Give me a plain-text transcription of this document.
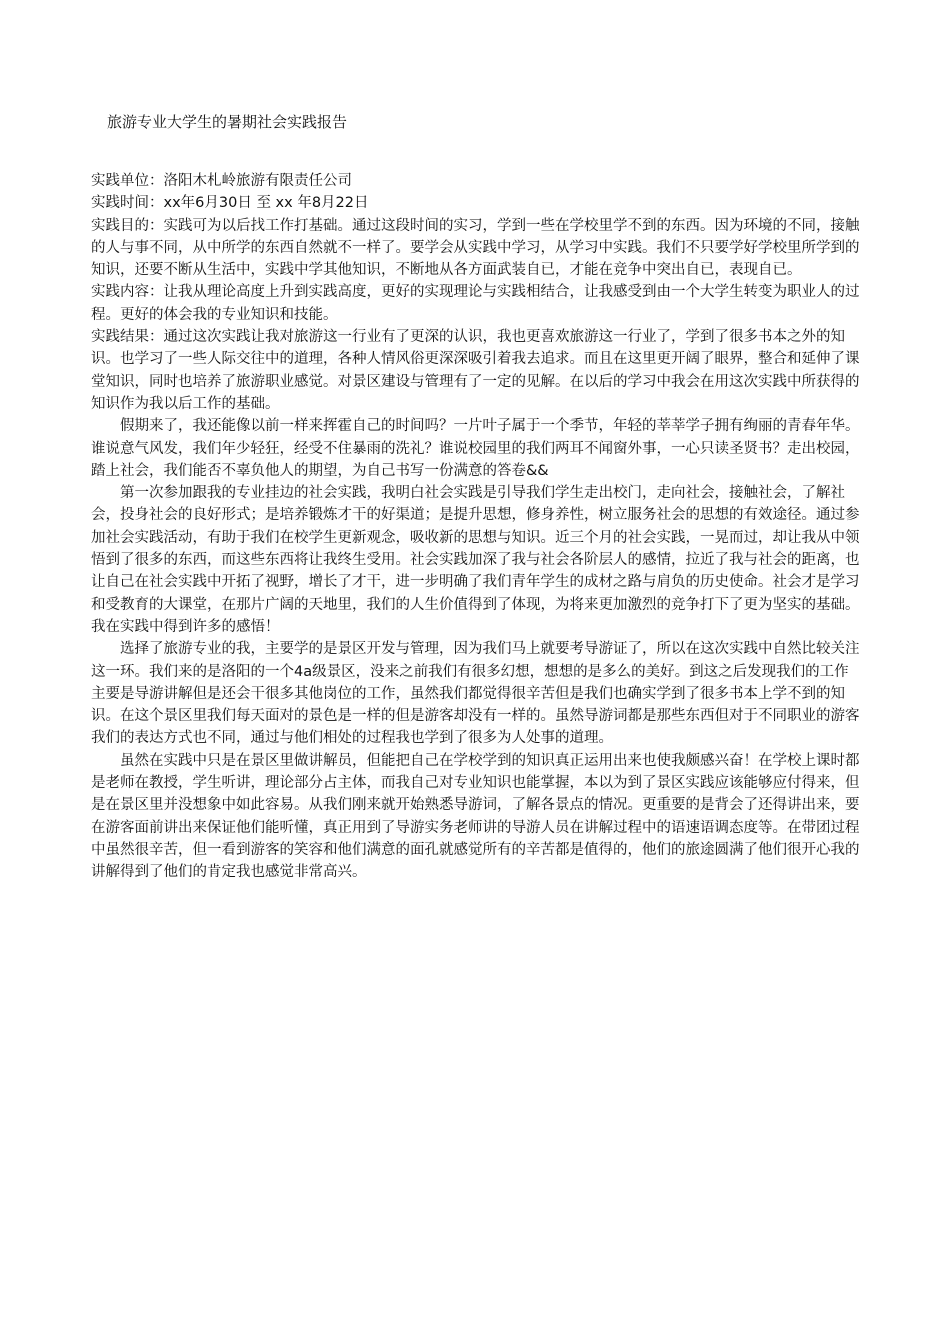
旅游专业大学生的暑期社会实践报告

实践单位：洛阳木札岭旅游有限责任公司

实践时间：xx年6月30日 至 xx 年8月22日

实践目的：实践可为以后找工作打基础。通过这段时间的实习，学到一些在学校里学不到的东西。因为环境的不同，接触的人与事不同，从中所学的东西自然就不一样了。要学会从实践中学习，从学习中实践。我们不只要学好学校里所学到的知识，还要不断从生活中，实践中学其他知识，不断地从各方面武装自已，才能在竞争中突出自已，表现自已。

实践内容：让我从理论高度上升到实践高度，更好的实现理论与实践相结合，让我感受到由一个大学生转变为职业人的过程。更好的体会我的专业知识和技能。

实践结果：通过这次实践让我对旅游这一行业有了更深的认识，我也更喜欢旅游这一行业了，学到了很多书本之外的知识。也学习了一些人际交往中的道理，各种人情风俗更深深吸引着我去追求。而且在这里更开阔了眼界，整合和延伸了课堂知识，同时也培养了旅游职业感觉。对景区建设与管理有了一定的见解。在以后的学习中我会在用这次实践中所获得的知识作为我以后工作的基础。

假期来了，我还能像以前一样来挥霍自己的时间吗？一片叶子属于一个季节，年轻的莘莘学子拥有绚丽的青春年华。谁说意气风发，我们年少轻狂，经受不住暴雨的洗礼？谁说校园里的我们两耳不闻窗外事，一心只读圣贤书？走出校园，踏上社会，我们能否不辜负他人的期望，为自己书写一份满意的答卷&&

第一次参加跟我的专业挂边的社会实践，我明白社会实践是引导我们学生走出校门，走向社会，接触社会，了解社会，投身社会的良好形式；是培养锻炼才干的好渠道；是提升思想，修身养性，树立服务社会的思想的有效途径。通过参加社会实践活动，有助于我们在校学生更新观念，吸收新的思想与知识。近三个月的社会实践，一晃而过，却让我从中领悟到了很多的东西，而这些东西将让我终生受用。社会实践加深了我与社会各阶层人的感情，拉近了我与社会的距离，也让自己在社会实践中开拓了视野，增长了才干，进一步明确了我们青年学生的成材之路与肩负的历史使命。社会才是学习和受教育的大课堂，在那片广阔的天地里，我们的人生价值得到了体现，为将来更加激烈的竞争打下了更为坚实的基础。我在实践中得到许多的感悟！

选择了旅游专业的我，主要学的是景区开发与管理，因为我们马上就要考导游证了，所以在这次实践中自然比较关注这一环。我们来的是洛阳的一个4a级景区，没来之前我们有很多幻想，想想的是多么的美好。到这之后发现我们的工作主要是导游讲解但是还会干很多其他岗位的工作，虽然我们都觉得很辛苦但是我们也确实学到了很多书本上学不到的知识。在这个景区里我们每天面对的景色是一样的但是游客却没有一样的。虽然导游词都是那些东西但对于不同职业的游客我们的表达方式也不同，通过与他们相处的过程我也学到了很多为人处事的道理。

虽然在实践中只是在景区里做讲解员，但能把自己在学校学到的知识真正运用出来也使我颇感兴奋！在学校上课时都是老师在教授，学生听讲，理论部分占主体，而我自己对专业知识也能掌握，本以为到了景区实践应该能够应付得来，但是在景区里并没想象中如此容易。从我们刚来就开始熟悉导游词，了解各景点的情况。更重要的是背会了还得讲出来，要在游客面前讲出来保证他们能听懂，真正用到了导游实务老师讲的导游人员在讲解过程中的语速语调态度等。在带团过程中虽然很辛苦，但一看到游客的笑容和他们满意的面孔就感觉所有的辛苦都是值得的，他们的旅途圆满了他们很开心我的讲解得到了他们的肯定我也感觉非常高兴。
